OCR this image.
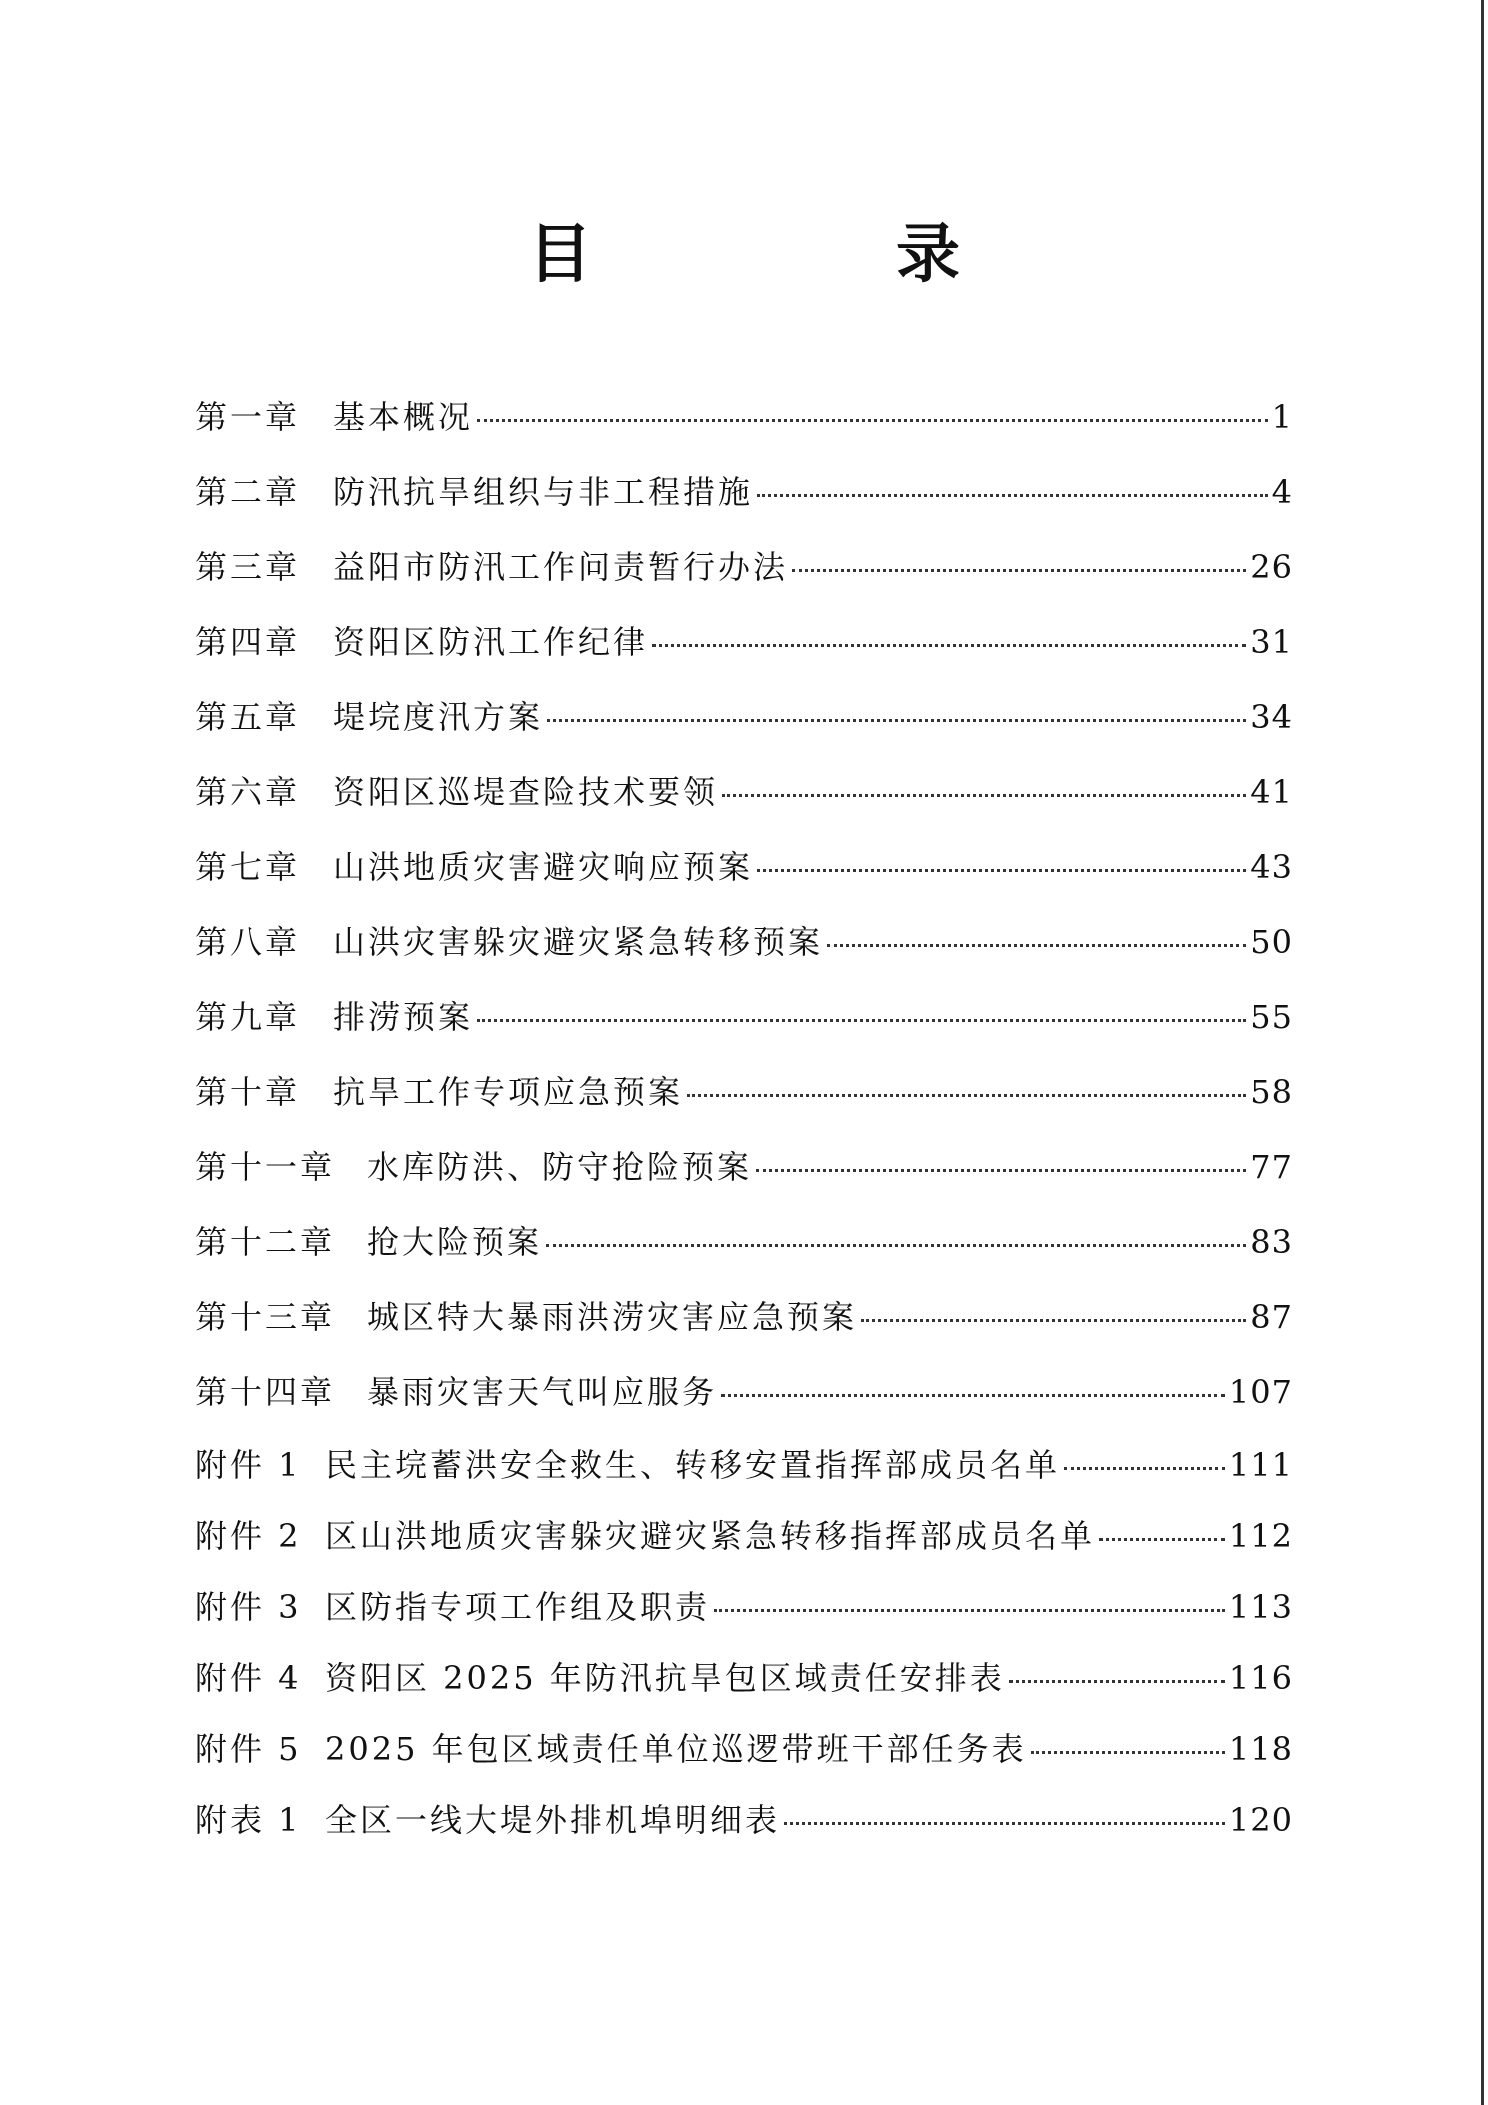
目　录
第一章	基本概况	1
第二章	防汛抗旱组织与非工程措施	4
第三章	益阳市防汛工作问责暂行办法	26
第四章	资阳区防汛工作纪律	31
第五章	堤垸度汛方案	34
第六章	资阳区巡堤查险技术要领	41
第七章	山洪地质灾害避灾响应预案	43
第八章	山洪灾害躲灾避灾紧急转移预案	50
第九章	排涝预案	55
第十章	抗旱工作专项应急预案	58
第十一章 水库防洪、防守抢险预案	77
第十二章 抢大险预案	83
第十三章 城区特大暴雨洪涝灾害应急预案	87
第十四章 暴雨灾害天气叫应服务	107
附件 1 民主垸蓄洪安全救生、转移安置指挥部成员名单	111
附件 2 区山洪地质灾害躲灾避灾紧急转移指挥部成员名单	112
附件 3 区防指专项工作组及职责	113
附件 4 资阳区 2025 年防汛抗旱包区域责任安排表	116
附件 5 2025 年包区域责任单位巡逻带班干部任务表	118
附表 1 全区一线大堤外排机埠明细表	120
